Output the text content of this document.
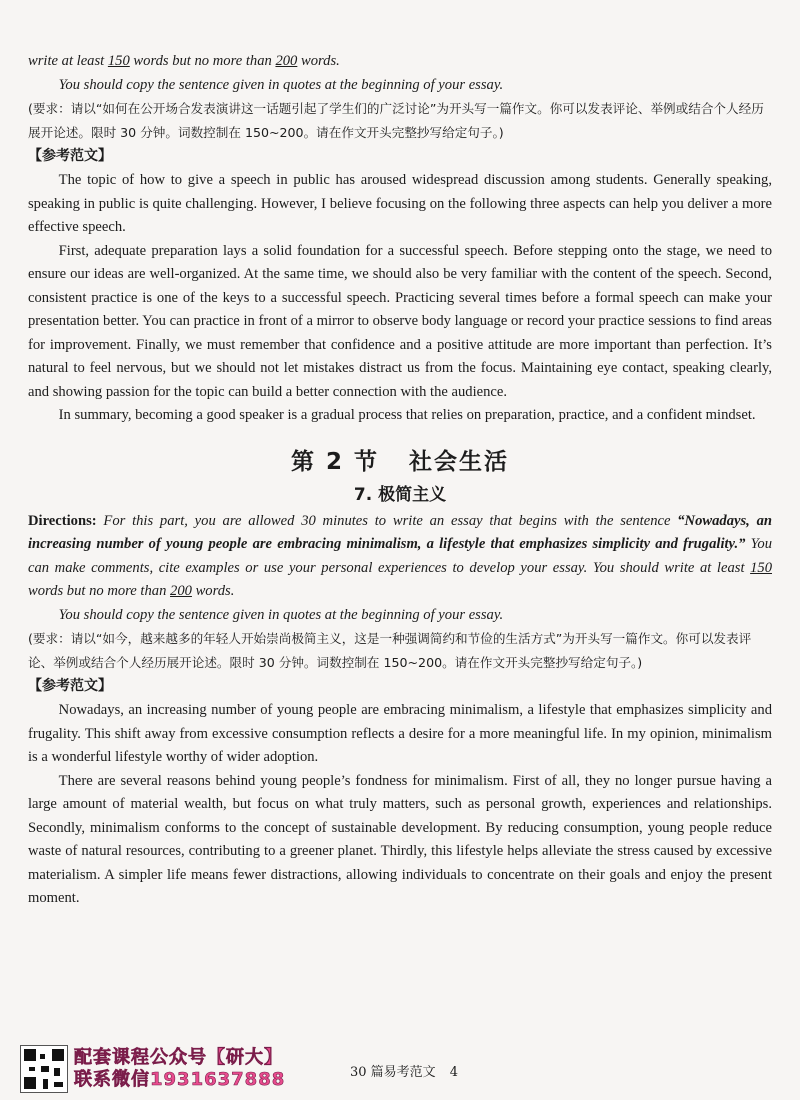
write at least 150 words but no more than 200 words.

You should copy the sentence given in quotes at the beginning of your essay.

(要求：请以“如何在公开场合发表演讲这一话题引起了学生们的广泛讨论”为开头写一篇作文。你可以发表评论、举例或结合个人经历展开论述。限时 30 分钟。词数控制在 150~200。请在作文开头完整抄写给定句子。)

【参考范文】

The topic of how to give a speech in public has aroused widespread discussion among students. Generally speaking, speaking in public is quite challenging. However, I believe focusing on the following three aspects can help you deliver a more effective speech.

First, adequate preparation lays a solid foundation for a successful speech. Before stepping onto the stage, we need to ensure our ideas are well-organized. At the same time, we should also be very familiar with the content of the speech. Second, consistent practice is one of the keys to a successful speech. Practicing several times before a formal speech can make your presentation better. You can practice in front of a mirror to observe body language or record your practice sessions to find areas for improvement. Finally, we must remember that confidence and a positive attitude are more important than perfection. It’s natural to feel nervous, but we should not let mistakes distract us from the focus. Maintaining eye contact, speaking clearly, and showing passion for the topic can build a better connection with the audience.

In summary, becoming a good speaker is a gradual process that relies on preparation, practice, and a confident mindset.

第 2 节 社会生活
7. 极简主义

Directions: For this part, you are allowed 30 minutes to write an essay that begins with the sentence “Nowadays, an increasing number of young people are embracing minimalism, a lifestyle that emphasizes simplicity and frugality.” You can make comments, cite examples or use your personal experiences to develop your essay. You should write at least 150 words but no more than 200 words.

You should copy the sentence given in quotes at the beginning of your essay.

(要求：请以“如今，越来越多的年轻人开始崇尚极简主义，这是一种强调简约和节俭的生活方式”为开头写一篇作文。你可以发表评论、举例或结合个人经历展开论述。限时 30 分钟。词数控制在 150~200。请在作文开头完整抄写给定句子。)

【参考范文】

Nowadays, an increasing number of young people are embracing minimalism, a lifestyle that emphasizes simplicity and frugality. This shift away from excessive consumption reflects a desire for a more meaningful life. In my opinion, minimalism is a wonderful lifestyle worthy of wider adoption.

There are several reasons behind young people’s fondness for minimalism. First of all, they no longer pursue having a large amount of material wealth, but focus on what truly matters, such as personal growth, experiences and relationships. Secondly, minimalism conforms to the concept of sustainable development. By reducing consumption, young people reduce waste of natural resources, contributing to a greener planet. Thirdly, this lifestyle helps alleviate the stress caused by excessive materialism. A simpler life means fewer distractions, allowing individuals to concentrate on their goals and enjoy the present moment.

配套课程公众号【研大】
联系微信1931637888	30 篇易考范文 4
